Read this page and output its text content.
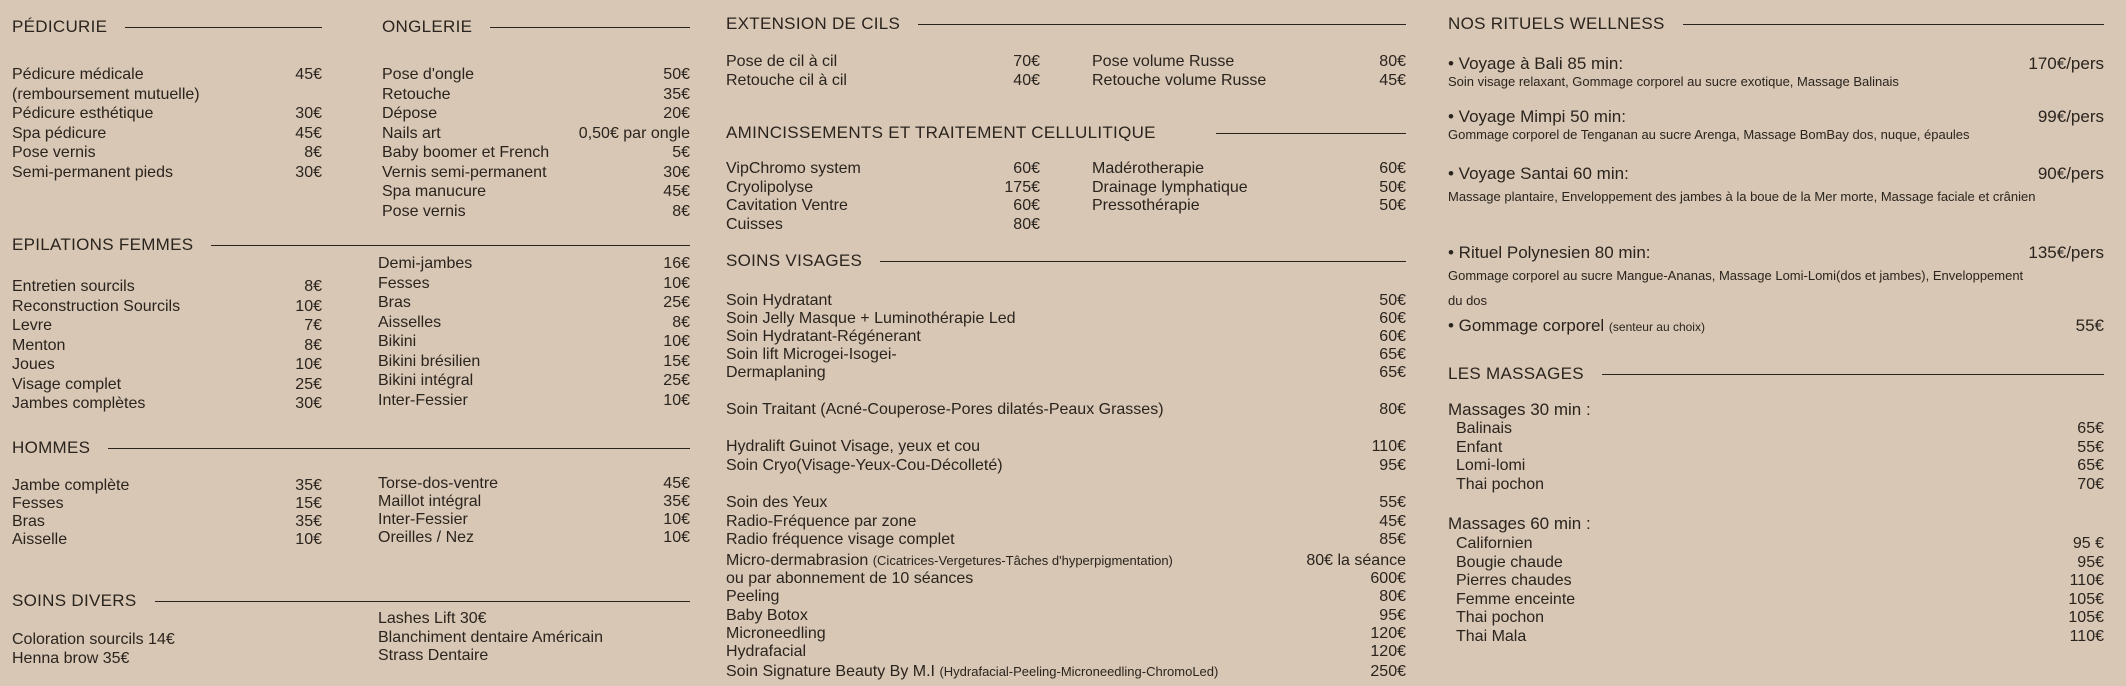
PÉDICURIE
Pédicure médicale	45€
(remboursement mutuelle)
Pédicure esthétique	30€
Spa pédicure	45€
Pose vernis	8€
Semi-permanent pieds	30€
ONGLERIE
Pose d'ongle	50€
Retouche	35€
Dépose	20€
Nails art	0,50€ par ongle
Baby boomer et French	5€
Vernis semi-permanent	30€
Spa manucure	45€
Pose vernis	8€
EPILATIONS FEMMES
Entretien sourcils	8€
Reconstruction Sourcils	10€
Levre	7€
Menton	8€
Joues	10€
Visage complet	25€
Jambes complètes	30€
Demi-jambes	16€
Fesses	10€
Bras	25€
Aisselles	8€
Bikini	10€
Bikini brésilien	15€
Bikini intégral	25€
Inter-Fessier	10€
HOMMES
Jambe complète	35€
Fesses	15€
Bras	35€
Aisselle	10€
Torse-dos-ventre	45€
Maillot intégral	35€
Inter-Fessier	10€
Oreilles / Nez	10€
SOINS DIVERS
Coloration sourcils 14€
Henna brow 35€
Lashes Lift 30€
Blanchiment dentaire Américain
Strass Dentaire
EXTENSION DE CILS
Pose de cil à cil	70€
Retouche cil à cil	40€
Pose volume Russe	80€
Retouche volume Russe	45€
AMINCISSEMENTS ET TRAITEMENT CELLULITIQUE
VipChromo system	60€
Cryolipolyse	175€
Cavitation Ventre	60€
Cuisses	80€
Madérotherapie	60€
Drainage lymphatique	50€
Pressothérapie	50€
SOINS VISAGES
Soin Hydratant	50€
Soin Jelly Masque + Luminothérapie Led	60€
Soin Hydratant-Régénerant	60€
Soin lift Microgei-Isogei-	65€
Dermaplaning	65€
Soin Traitant (Acné-Couperose-Pores dilatés-Peaux Grasses)	80€
Hydralift Guinot Visage, yeux et cou	110€
Soin Cryo(Visage-Yeux-Cou-Décolleté)	95€
Soin des Yeux	55€
Radio-Fréquence par zone	45€
Radio fréquence visage complet	85€
Micro-dermabrasion (Cicatrices-Vergetures-Tâches d'hyperpigmentation)	80€ la séance
ou par abonnement de 10 séances	600€
Peeling	80€
Baby Botox	95€
Microneedling	120€
Hydrafacial	120€
Soin Signature Beauty By M.I (Hydrafacial-Peeling-Microneedling-ChromoLed)	250€
NOS RITUELS WELLNESS
• Voyage à Bali 85 min:	170€/pers
Soin visage relaxant, Gommage corporel au sucre exotique, Massage Balinais
• Voyage Mimpi 50 min:	99€/pers
Gommage corporel de Tenganan au sucre Arenga, Massage BomBay dos, nuque, épaules
• Voyage Santai 60 min:	90€/pers
Massage plantaire, Enveloppement des jambes à la boue de la Mer morte, Massage faciale et crânien
• Rituel Polynesien 80 min:	135€/pers
Gommage corporel au sucre Mangue-Ananas, Massage Lomi-Lomi(dos et jambes), Enveloppement du dos
• Gommage corporel (senteur au choix)	55€
LES MASSAGES
Massages 30 min :
Balinais	65€
Enfant	55€
Lomi-lomi	65€
Thai pochon	70€
Massages 60 min :
Californien	95 €
Bougie chaude	95€
Pierres chaudes	110€
Femme enceinte	105€
Thai pochon	105€
Thai Mala	110€
